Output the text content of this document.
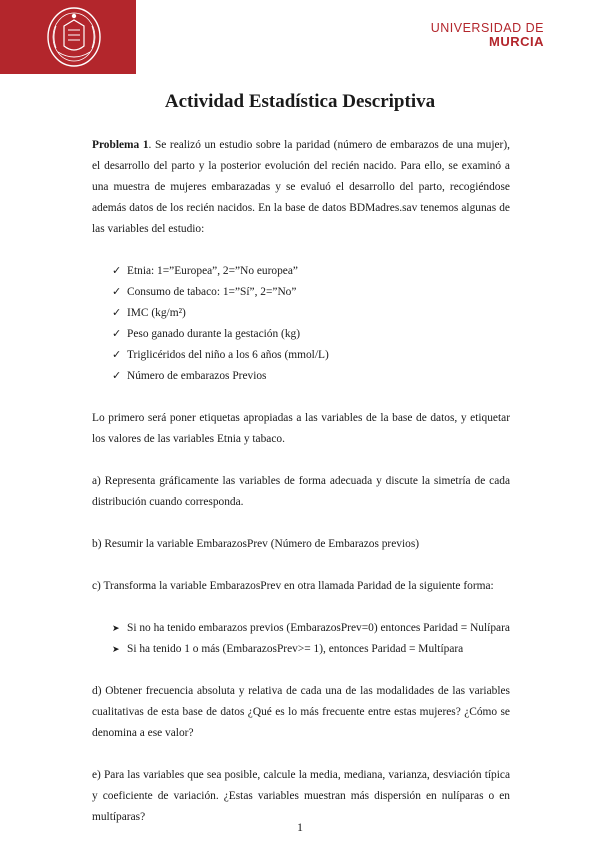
UNIVERSIDAD DE
MURCIA
Actividad Estadística Descriptiva

Problema 1. Se realizó un estudio sobre la paridad (número de embarazos de una mujer), el desarrollo del parto y la posterior evolución del recién nacido. Para ello, se examinó a una muestra de mujeres embarazadas y se evaluó el desarrollo del parto, recogiéndose además datos de los recién nacidos. En la base de datos BDMadres.sav tenemos algunas de las variables del estudio:

✓ Etnia: 1=”Europea”, 2=”No europea”
✓ Consumo de tabaco: 1=”Sí”, 2=”No”
✓ IMC (kg/m²)
✓ Peso ganado durante la gestación (kg)
✓ Triglicéridos del niño a los 6 años (mmol/L)
✓ Número de embarazos Previos

Lo primero será poner etiquetas apropiadas a las variables de la base de datos, y etiquetar los valores de las variables Etnia y tabaco.

a) Representa gráficamente las variables de forma adecuada y discute la simetría de cada distribución cuando corresponda.

b) Resumir la variable EmbarazosPrev (Número de Embarazos previos)

c) Transforma la variable EmbarazosPrev en otra llamada Paridad de la siguiente forma:

➤ Si no ha tenido embarazos previos (EmbarazosPrev=0) entonces Paridad = Nulípara
➤ Si ha tenido 1 o más (EmbarazosPrev>= 1), entonces Paridad = Multípara

d) Obtener frecuencia absoluta y relativa de cada una de las modalidades de las variables cualitativas de esta base de datos ¿Qué es lo más frecuente entre estas mujeres? ¿Cómo se denomina a ese valor?

e) Para las variables que sea posible, calcule la media, mediana, varianza, desviación típica y coeficiente de variación. ¿Estas variables muestran más dispersión en nulíparas o en multíparas?

1
